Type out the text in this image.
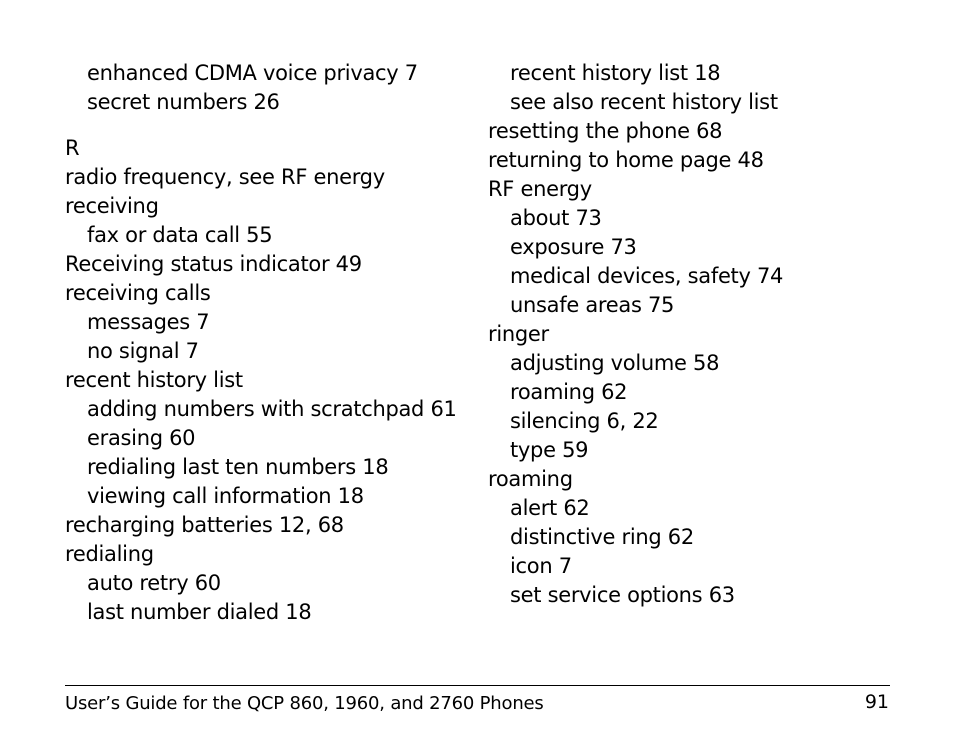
enhanced CDMA voice privacy 7
secret numbers 26
R
radio frequency, see RF energy
receiving
fax or data call 55
Receiving status indicator 49
receiving calls
messages 7
no signal 7
recent history list
adding numbers with scratchpad 61
erasing 60
redialing last ten numbers 18
viewing call information 18
recharging batteries 12, 68
redialing
auto retry 60
last number dialed 18
recent history list 18
see also recent history list
resetting the phone 68
returning to home page 48
RF energy
about 73
exposure 73
medical devices, safety 74
unsafe areas 75
ringer
adjusting volume 58
roaming 62
silencing 6, 22
type 59
roaming
alert 62
distinctive ring 62
icon 7
set service options 63
User’s Guide for the QCP 860, 1960, and 2760 Phones	91
